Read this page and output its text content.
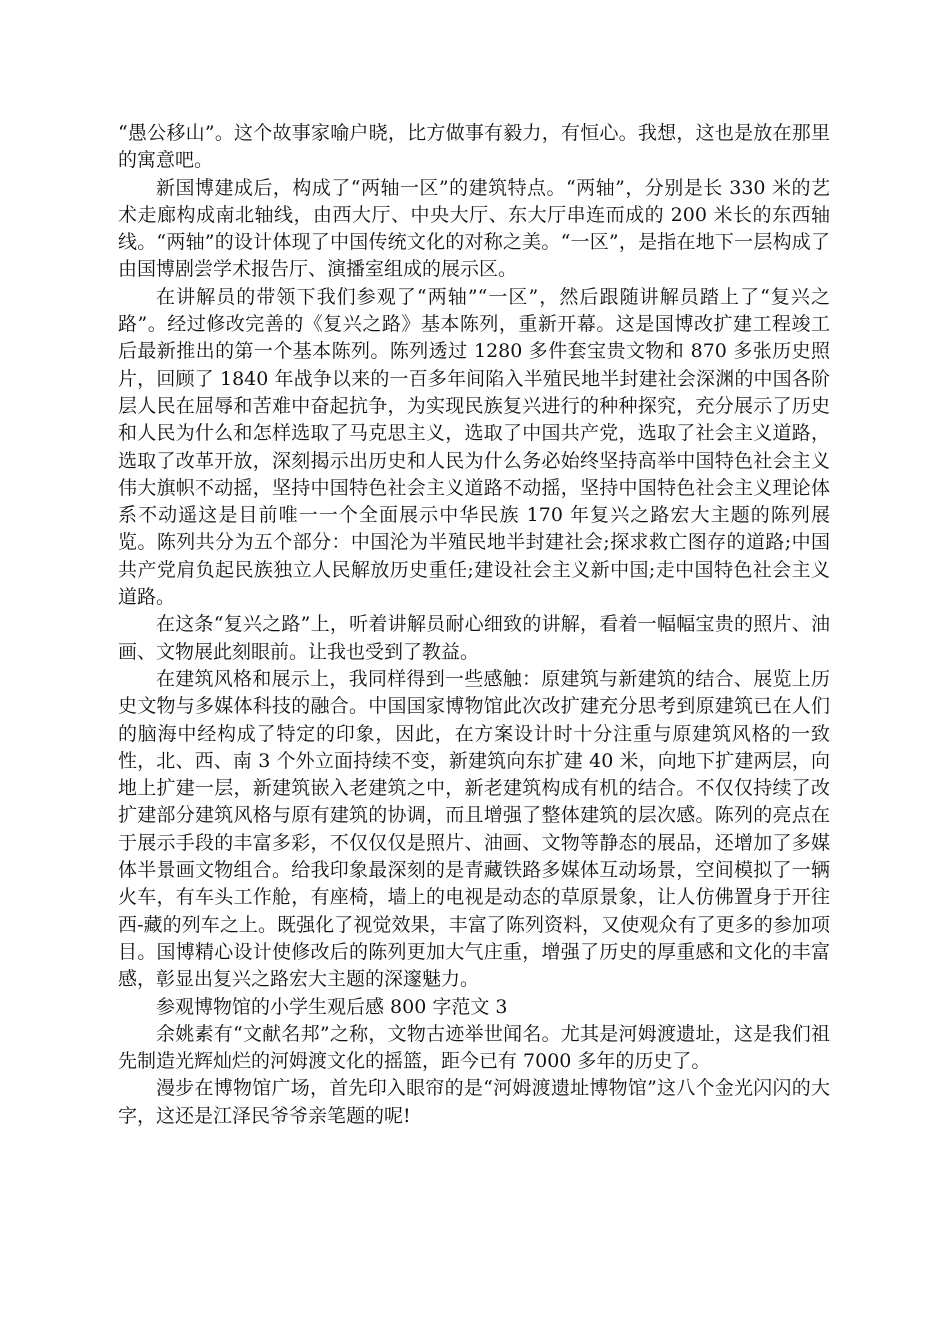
“愚公移山”。这个故事家喻户晓，比方做事有毅力，有恒心。我想，这也是放在那里的寓意吧。

新国博建成后，构成了“两轴一区”的建筑特点。“两轴”，分别是长 330 米的艺术走廊构成南北轴线，由西大厅、中央大厅、东大厅串连而成的 200 米长的东西轴线。“两轴”的设计体现了中国传统文化的对称之美。“一区”，是指在地下一层构成了由国博剧尝学术报告厅、演播室组成的展示区。

在讲解员的带领下我们参观了“两轴”“一区”，然后跟随讲解员踏上了“复兴之路”。经过修改完善的《复兴之路》基本陈列，重新开幕。这是国博改扩建工程竣工后最新推出的第一个基本陈列。陈列透过 1280 多件套宝贵文物和 870 多张历史照片，回顾了 1840 年战争以来的一百多年间陷入半殖民地半封建社会深渊的中国各阶层人民在屈辱和苦难中奋起抗争，为实现民族复兴进行的种种探究，充分展示了历史和人民为什么和怎样选取了马克思主义，选取了中国共产党，选取了社会主义道路，选取了改革开放，深刻揭示出历史和人民为什么务必始终坚持高举中国特色社会主义伟大旗帜不动摇，坚持中国特色社会主义道路不动摇，坚持中国特色社会主义理论体系不动遥这是目前唯一一个全面展示中华民族 170 年复兴之路宏大主题的陈列展览。陈列共分为五个部分：中国沦为半殖民地半封建社会;探求救亡图存的道路;中国共产党肩负起民族独立人民解放历史重任;建设社会主义新中国;走中国特色社会主义道路。

在这条“复兴之路”上，听着讲解员耐心细致的讲解，看着一幅幅宝贵的照片、油画、文物展此刻眼前。让我也受到了教益。

在建筑风格和展示上，我同样得到一些感触：原建筑与新建筑的结合、展览上历史文物与多媒体科技的融合。中国国家博物馆此次改扩建充分思考到原建筑已在人们的脑海中经构成了特定的印象，因此，在方案设计时十分注重与原建筑风格的一致性，北、西、南 3 个外立面持续不变，新建筑向东扩建 40 米，向地下扩建两层，向地上扩建一层，新建筑嵌入老建筑之中，新老建筑构成有机的结合。不仅仅持续了改扩建部分建筑风格与原有建筑的协调，而且增强了整体建筑的层次感。陈列的亮点在于展示手段的丰富多彩，不仅仅仅是照片、油画、文物等静态的展品，还增加了多媒体半景画文物组合。给我印象最深刻的是青藏铁路多媒体互动场景，空间模拟了一辆火车，有车头工作舱，有座椅，墙上的电视是动态的草原景象，让人仿佛置身于开往西-藏的列车之上。既强化了视觉效果，丰富了陈列资料，又使观众有了更多的参加项目。国博精心设计使修改后的陈列更加大气庄重，增强了历史的厚重感和文化的丰富感，彰显出复兴之路宏大主题的深邃魅力。

参观博物馆的小学生观后感 800 字范文 3

余姚素有“文献名邦”之称，文物古迹举世闻名。尤其是河姆渡遗址，这是我们祖先制造光辉灿烂的河姆渡文化的摇篮，距今已有 7000 多年的历史了。

漫步在博物馆广场，首先印入眼帘的是“河姆渡遗址博物馆”这八个金光闪闪的大字，这还是江泽民爷爷亲笔题的呢!
